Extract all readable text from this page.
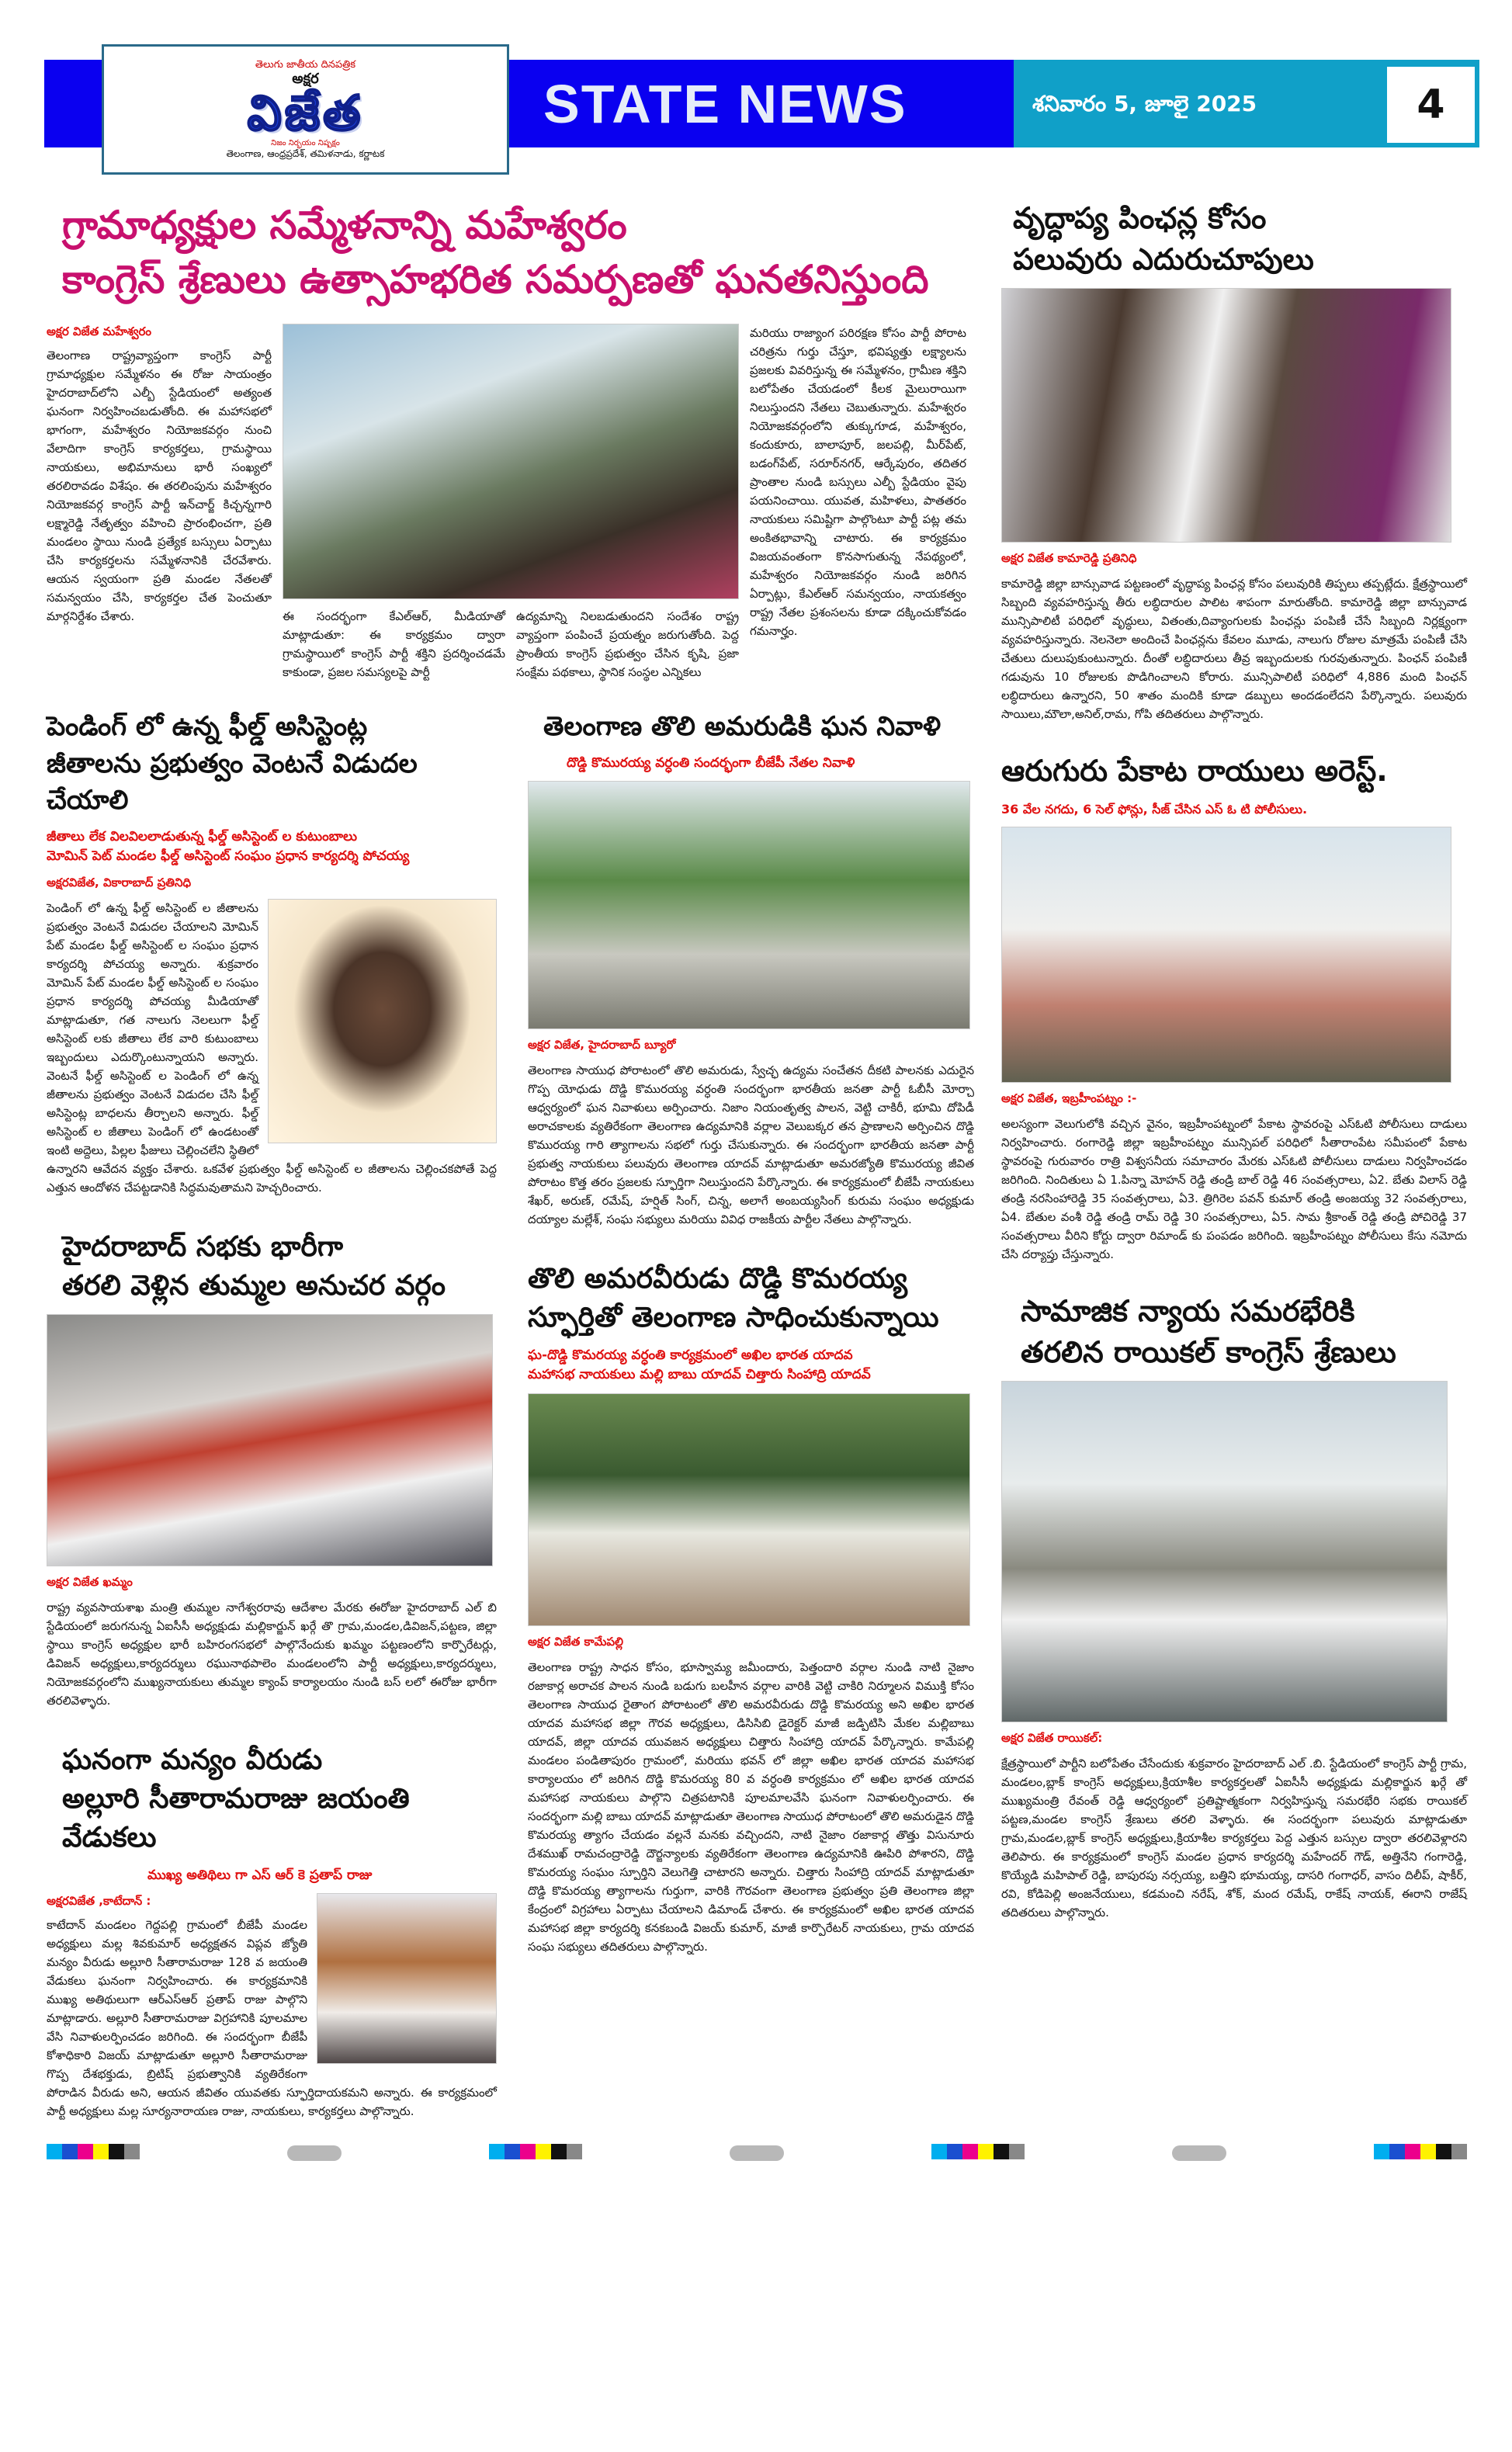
తెలుగు జాతీయ దినపత్రిక
అక్షర
విజేత
నిజం నిర్భయం నిష్పక్షం
తెలంగాణ, ఆంధ్రప్రదేశ్, తమిళనాడు, కర్ణాటక
STATE NEWS	శనివారం 5, జూలై 2025	4
గ్రామాధ్యక్షుల సమ్మేళనాన్ని మహేశ్వరం
కాంగ్రెస్ శ్రేణులు ఉత్సాహభరిత సమర్పణతో ఘనతనిస్తుంది
అక్షర విజేత మహేశ్వరం
తెలంగాణ రాష్ట్రవ్యాప్తంగా కాంగ్రెస్ పార్టీ గ్రామాధ్యక్షుల సమ్మేళనం ఈ రోజు సాయంత్రం హైదరాబాద్‌లోని ఎల్బీ స్టేడియంలో అత్యంత ఘనంగా నిర్వహించబడుతోంది. ఈ మహాసభలో భాగంగా, మహేశ్వరం నియోజకవర్గం నుంచి వేలాదిగా కాంగ్రెస్ కార్యకర్తలు, గ్రామస్థాయి నాయకులు, అభిమానులు భారీ సంఖ్యలో తరలిరావడం విశేషం. ఈ తరలింపును మహేశ్వరం నియోజకవర్గ కాంగ్రెస్ పార్టీ ఇన్‌చార్జ్ కిచ్చన్నగారి లక్ష్మారెడ్డి నేతృత్వం వహించి ప్రారంభించగా, ప్రతి మండలం స్థాయి నుండి ప్రత్యేక బస్సులు ఏర్పాటు చేసి కార్యకర్తలను సమ్మేళనానికి చేరవేశారు. ఆయన స్వయంగా ప్రతి మండల నేతలతో సమన్వయం చేసి, కార్యకర్తల చేత పెంచుతూ మార్గనిర్దేశం చేశారు.	ఈ సందర్భంగా కేఎల్‌ఆర్, మీడియాతో మాట్లాడుతూ: ఈ కార్యక్రమం ద్వారా గ్రామస్థాయిలో కాంగ్రెస్ పార్టీ శక్తిని ప్రదర్శించడమే కాకుండా, ప్రజల సమస్యలపై పార్టీ
ఉద్యమాన్ని నిలబడుతుందని సందేశం రాష్ట్ర వ్యాప్తంగా పంపించే ప్రయత్నం జరుగుతోంది. పెద్ద ప్రాంతీయ కాంగ్రెస్ ప్రభుత్వం చేసిన కృషి, ప్రజా సంక్షేమ పథకాలు, స్థానిక సంస్థల ఎన్నికలు
మరియు రాజ్యాంగ పరిరక్షణ కోసం పార్టీ పోరాట చరిత్రను గుర్తు చేస్తూ, భవిష్యత్తు లక్ష్యాలను ప్రజలకు వివరిస్తున్న ఈ సమ్మేళనం, గ్రామీణ శక్తిని బలోపేతం చేయడంలో కీలక మైలురాయిగా నిలుస్తుందని నేతలు చెబుతున్నారు. మహేశ్వరం నియోజకవర్గంలోని తుక్కుగూడ, మహేశ్వరం, కందుకూరు, బాలాపూర్, జలపల్లి, మీర్‌పేట్, బడంగ్‌పేట్, సరూర్‌నగర్, ఆర్కేపురం, తదితర ప్రాంతాల నుండి బస్సులు ఎల్బీ స్టేడియం వైపు పయనించాయి. యువత, మహిళలు, పాతతరం నాయకులు సమిష్టిగా పాల్గొంటూ పార్టీ పట్ల తమ అంకితభావాన్ని చాటారు. ఈ కార్యక్రమం విజయవంతంగా కొనసాగుతున్న నేపథ్యంలో, మహేశ్వరం నియోజకవర్గం నుండి జరిగిన ఏర్పాట్లు, కేఎల్‌ఆర్ సమన్వయం, నాయకత్వం రాష్ట్ర నేతల ప్రశంసలను కూడా దక్కించుకోవడం గమనార్హం.
పెండింగ్ లో ఉన్న ఫీల్డ్ అసిస్టెంట్ల
జీతాలను ప్రభుత్వం వెంటనే విడుదల చేయాలి
జీతాలు లేక విలవిలలాడుతున్న ఫీల్డ్ అసిస్టెంట్ ల కుటుంబాలు
మోమిన్ పెట్ మండల ఫీల్డ్ అసిస్టెంట్ సంఘం ప్రధాన కార్యదర్శి పోచయ్య
అక్షరవిజేత, వికారాబాద్ ప్రతినిధి
పెండింగ్ లో ఉన్న ఫీల్డ్ అసిస్టెంట్ ల జీతాలను ప్రభుత్వం వెంటనే విడుదల చేయాలని మోమిన్ పేట్ మండల ఫీల్డ్ అసిస్టెంట్ ల సంఘం ప్రధాన కార్యదర్శి పోచయ్య అన్నారు. శుక్రవారం మోమిన్ పేట్ మండల ఫీల్డ్ అసిస్టెంట్ ల సంఘం ప్రధాన కార్యదర్శి పోచయ్య మీడియాతో మాట్లాడుతూ, గత నాలుగు నెలలుగా ఫీల్డ్ అసిస్టెంట్ లకు జీతాలు లేక వారి కుటుంబాలు ఇబ్బందులు ఎదుర్కొంటున్నాయని అన్నారు. వెంటనే ఫీల్డ్ అసిస్టెంట్ ల పెండింగ్ లో ఉన్న జీతాలను ప్రభుత్వం వెంటనే విడుదల చేసి ఫీల్డ్ అసిస్టెంట్ల బాధలను తీర్చాలని అన్నారు. ఫీల్డ్ అసిస్టెంట్ ల జీతాలు పెండింగ్ లో ఉండటంతో ఇంటి అద్దెలు, పిల్లల ఫీజులు చెల్లించలేని స్థితిలో ఉన్నారని ఆవేదన వ్యక్తం చేశారు. ఒకవేళ ప్రభుత్వం ఫీల్డ్ అసిస్టెంట్ ల జీతాలను చెల్లించకపోతే పెద్ద ఎత్తున ఆందోళన చేపట్టడానికి సిద్ధమవుతామని హెచ్చరించారు.
హైదరాబాద్ సభకు భారీగా
తరలి వెళ్లిన తుమ్మల అనుచర వర్గం
అక్షర విజేత ఖమ్మం
రాష్ట్ర వ్యవసాయశాఖ మంత్రి తుమ్మల నాగేశ్వరరావు ఆదేశాల మేరకు ఈరోజు హైదరాబాద్ ఎల్ బి స్టేడియంలో జరుగనున్న ఏఐసీసీ అధ్యక్షుడు మల్లికార్జున్ ఖర్గే తొ గ్రామ,మండల,డివిజన్,పట్టణ, జిల్లా స్థాయి కాంగ్రెస్ అధ్యక్షుల భారీ బహిరంగసభలో పాల్గొనేందుకు ఖమ్మం పట్టణంలోని కార్పొరేటర్లు, డివిజన్ అధ్యక్షులు,కార్యదర్శులు రఘునాథపాలెం మండలంలోని పార్టీ అధ్యక్షులు,కార్యదర్శులు, నియోజకవర్గంలోని ముఖ్యనాయకులు తుమ్మల క్యాంప్ కార్యాలయం నుండి బస్ లలో ఈరోజు భారీగా తరలివెళ్ళారు.
ఘనంగా మన్యం వీరుడు
అల్లూరి సీతారామరాజు జయంతి వేడుకలు
ముఖ్య అతిథిలు గా ఎస్ ఆర్ కె ప్రతాప్ రాజు
అక్షరవిజేత ,కాటేదాన్ :
కాటేదాన్ మండలం గెద్దపల్లి గ్రామంలో బీజేపీ మండల అధ్యక్షులు మల్ల శివకుమార్ అధ్యక్షతన విప్లవ జ్యోతి మన్యం వీరుడు అల్లూరి సీతారామరాజు 128 వ జయంతి వేడుకలు ఘనంగా నిర్వహించారు. ఈ కార్యక్రమానికి ముఖ్య అతిథులుగా ఆర్ఎస్ఆర్ ప్రతాప్ రాజు పాల్గొని మాట్లాడారు. అల్లూరి సీతారామరాజు విగ్రహానికి పూలమాల వేసి నివాళులర్పించడం జరిగింది. ఈ సందర్భంగా బీజేపీ కోశాధికారి విజయ్ మాట్లాడుతూ అల్లూరి సీతారామరాజు గొప్ప దేశభక్తుడు, బ్రిటిష్ ప్రభుత్వానికి వ్యతిరేకంగా పోరాడిన వీరుడు అని, ఆయన జీవితం యువతకు స్ఫూర్తిదాయకమని అన్నారు. ఈ కార్యక్రమంలో పార్టీ అధ్యక్షులు మల్ల సూర్యనారాయణ రాజు, నాయకులు, కార్యకర్తలు పాల్గొన్నారు.
తెలంగాణ తొలి అమరుడికి ఘన నివాళి
దొడ్డి కొమురయ్య వర్ధంతి సందర్భంగా బీజేపీ నేతల నివాళి
అక్షర విజేత, హైదరాబాద్ బ్యూరో
తెలంగాణ సాయుధ పోరాటంలో తొలి అమరుడు, స్వేచ్ఛ ఉద్యమ సంచేతన దీకటి పాలనకు ఎదురైన గొప్ప యోధుడు దొడ్డి కొమురయ్య వర్ధంతి సందర్భంగా భారతీయ జనతా పార్టీ ఓబీసీ మోర్చా ఆధ్వర్యంలో ఘన నివాళులు అర్పించారు. నిజాం నియంతృత్వ పాలన, వెట్టి చాకిరీ, భూమి దోపిడీ అరాచకాలకు వ్యతిరేకంగా తెలంగాణ ఉద్యమానికి వర్లాల వెలుబక్కర తన ప్రాణాలని అర్పించిన దొడ్డి కొమురయ్య గారి త్యాగాలను సభలో గుర్తు చేసుకున్నారు. ఈ సందర్భంగా భారతీయ జనతా పార్టీ ప్రభుత్వ నాయకులు పలువురు తెలంగాణ యాదవ్ మాట్లాడుతూ అమరజ్యోతి కొమురయ్య జీవిత పోరాటం కొత్త తరం ప్రజలకు స్ఫూర్తిగా నిలుస్తుందని పేర్కొన్నారు. ఈ కార్యక్రమంలో బీజేపీ నాయకులు శేఖర్, అరుణ్, రమేష్, హర్షిత్ సింగ్, చిన్న, అలాగే అంబయ్యసింగ్ కురుమ సంఘం అధ్యక్షుడు దయ్యాల మల్లేశ్, సంఘ సభ్యులు మరియు వివిధ రాజకీయ పార్టీల నేతలు పాల్గొన్నారు.
తొలి అమరవీరుడు దొడ్డి కొమరయ్య
స్ఫూర్తితో తెలంగాణ సాధించుకున్నాయి
ఘ-దొడ్డి కొమరయ్య వర్ధంతి కార్యక్రమంలో అఖిల భారత యాదవ
మహాసభ నాయకులు మల్లి బాబు యాదవ్ చిత్తారు సింహాద్రి యాదవ్
అక్షర విజేత కామేపల్లి
తెలంగాణ రాష్ట్ర సాధన కోసం, భూస్వామ్య జమీందారు, పెత్తందారి వర్గాల నుండి నాటి నైజాం రజాకార్ల అరాచక పాలన నుండి బడుగు బలహీన వర్గాల వారికి వెట్టి చాకిరి నిర్మూలన విముక్తి కోసం తెలంగాణ సాయుధ రైతాంగ పోరాటంలో తొలి అమరవీరుడు దొడ్డి కొమరయ్య అని అఖిల భారత యాదవ మహాసభ జిల్లా గౌరవ అధ్యక్షులు, డిసిసిబి డైరెక్టర్ మాజీ జడ్పిటిసి మేకల మల్లిబాబు యాదవ్, జిల్లా యాదవ యువజన అధ్యక్షులు చిత్తారు సింహాద్రి యాదవ్ పేర్కొన్నారు. కామేపల్లి మండలం పండితాపురం గ్రామంలో, మరియు భవన్ లో జిల్లా అఖిల భారత యాదవ మహాసభ కార్యాలయం లో జరిగిన దొడ్డి కొమరయ్య 80 వ వర్ధంతి కార్యక్రమం లో అఖిల భారత యాదవ మహాసభ నాయకులు పాల్గొని చిత్రపటానికి పూలమాలవేసి ఘనంగా నివాళులర్పించారు. ఈ సందర్భంగా మల్లి బాబు యాదవ్ మాట్లాడుతూ తెలంగాణ సాయుధ పోరాటంలో తొలి అమరుడైన దొడ్డి కొమరయ్య త్యాగం చేయడం వల్లనే మనకు వచ్చిందని, నాటి నైజాం రజాకార్ల తొత్తు విసునూరు దేశముఖ్ రామచంద్రారెడ్డి దౌర్జన్యాలకు వ్యతిరేకంగా తెలంగాణ ఉద్యమానికి ఊపిరి పోశారని, దొడ్డి కొమరయ్య సంఘం స్పూర్తిని వెలుగెత్తి చాటారని అన్నారు. చిత్తారు సింహాద్రి యాదవ్ మాట్లాడుతూ దొడ్డి కొమరయ్య త్యాగాలను గుర్తుగా, వారికి గౌరవంగా తెలంగాణ ప్రభుత్వం ప్రతి తెలంగాణ జిల్లా కేంద్రంలో విగ్రహాలు ఏర్పాటు చేయాలని డిమాండ్ చేశారు. ఈ కార్యక్రమంలో అఖిల భారత యాదవ మహాసభ జిల్లా కార్యదర్శి కనకబండి విజయ్ కుమార్, మాజీ కార్పొరేటర్ నాయకులు, గ్రామ యాదవ సంఘ సభ్యులు తదితరులు పాల్గొన్నారు.
వృద్ధాప్య పింఛన్ల కోసం
పలువురు ఎదురుచూపులు
అక్షర విజేత కామారెడ్డి ప్రతినిధి
కామారెడ్డి జిల్లా బాన్సువాడ పట్టణంలో వృద్ధాప్య పింఛన్ల కోసం పలువురికి తిప్పలు తప్పట్లేదు. క్షేత్రస్థాయిలో సిబ్బంది వ్యవహరిస్తున్న తీరు లబ్ధిదారుల పాలిట శాపంగా మారుతోంది. కామారెడ్డి జిల్లా బాన్సువాడ మున్సిపాలిటీ పరిధిలో వృద్ధులు, వితంతు,దివ్యాంగులకు పింఛన్లు పంపిణీ చేసే సిబ్బంది నిర్లక్ష్యంగా వ్యవహరిస్తున్నారు. నెలనెలా అందించే పింఛన్లను కేవలం మూడు, నాలుగు రోజుల మాత్రమే పంపిణీ చేసి చేతులు దులుపుకుంటున్నారు. దీంతో లబ్ధిదారులు తీవ్ర ఇబ్బందులకు గురవుతున్నారు. పింఛన్ పంపిణీ గడువును 10 రోజులకు పొడిగించాలని కోరారు. మున్సిపాలిటీ పరిధిలో 4,886 మంది పింఛన్ లబ్ధిదారులు ఉన్నారని, 50 శాతం మందికి కూడా డబ్బులు అందడంలేదని పేర్కొన్నారు. పలువురు సాయిలు,మౌలా,అనిల్,రామ, గోపి తదితరులు పాల్గొన్నారు.
ఆరుగురు పేకాట రాయులు అరెస్ట్.
36 వేల నగదు, 6 సెల్ ఫోన్లు, సీజ్ చేసిన ఎస్ ఓ టి పోలీసులు.
అక్షర విజేత, ఇబ్రహీంపట్నం :-
అలస్యంగా వెలుగులోకి వచ్చిన వైనం, ఇబ్రహీంపట్నంలో పేకాట స్థావరంపై ఎస్ఓటి పోలీసులు దాడులు నిర్వహించారు. రంగారెడ్డి జిల్లా ఇబ్రహీంపట్నం మున్సిపల్ పరిధిలో సీతారాంపేట సమీపంలో పేకాట స్థావరంపై గురువారం రాత్రి విశ్వసనీయ సమాచారం మేరకు ఎస్ఓటి పోలీసులు దాడులు నిర్వహించడం జరిగింది. నిందితులు ఏ 1.పిన్నా మోహన్ రెడ్డి తండ్రి బాల్ రెడ్డి 46 సంవత్సరాలు, ఏ2. బేతు విలాస్ రెడ్డి తండ్రి నరసింహారెడ్డి 35 సంవత్సరాలు, ఏ3. త్రిగిరెల పవన్ కుమార్ తండ్రి అంజయ్య 32 సంవత్సరాలు, ఏ4. బేతుల వంశీ రెడ్డి తండ్రి రామ్ రెడ్డి 30 సంవత్సరాలు, ఏ5. సామ శ్రీకాంత్ రెడ్డి తండ్రి పోచిరెడ్డి 37 సంవత్సరాలు వీరిని కోర్టు ద్వారా రిమాండ్ కు పంపడం జరిగింది. ఇబ్రహీంపట్నం పోలీసులు కేసు నమోదు చేసి దర్యాప్తు చేస్తున్నారు.
సామాజిక న్యాయ సమరభేరికి
తరలిన రాయికల్ కాంగ్రెస్ శ్రేణులు
అక్షర విజేత రాయికల్:
క్షేత్రస్థాయిలో పార్టీని బలోపేతం చేసేందుకు శుక్రవారం హైదరాబాద్ ఎల్ .బి. స్టేడియంలో కాంగ్రెస్ పార్టీ గ్రామ, మండలం,బ్లాక్ కాంగ్రెస్ అధ్యక్షులు,క్రియాశీల కార్యకర్తలతో ఏఐసీసీ అధ్యక్షుడు మల్లికార్జున ఖర్గే తో ముఖ్యమంత్రి రేవంత్ రెడ్డి ఆధ్వర్యంలో ప్రతిష్టాత్మకంగా నిర్వహిస్తున్న సమరభేరి సభకు రాయికల్ పట్టణ,మండల కాంగ్రెస్ శ్రేణులు తరలి వెళ్ళారు. ఈ సందర్భంగా పలువురు మాట్లాడుతూ గ్రామ,మండల,బ్లాక్ కాంగ్రెస్ అధ్యక్షులు,క్రియాశీల కార్యకర్తలు పెద్ద ఎత్తున బస్సుల ద్వారా తరలివెళ్లారని తెలిపారు. ఈ కార్యక్రమంలో కాంగ్రెస్ మండల ప్రధాన కార్యదర్శి మహేందర్ గౌడ్, అత్తినేని గంగారెడ్డి, కొయ్యేడి మహిపాల్ రెడ్డి, బాపురపు నర్సయ్య, బత్తిని భూమయ్య, దాసరి గంగాధర్, వాసం దిలీప్, షాకీర్, రవి, కోడిపెల్లి అంజనేయులు, కడమంచి నరేష్, శోక్, మంద రమేష్, రాకేష్ నాయక్, ఈరాని రాజేష్ తదితరులు పాల్గొన్నారు.
